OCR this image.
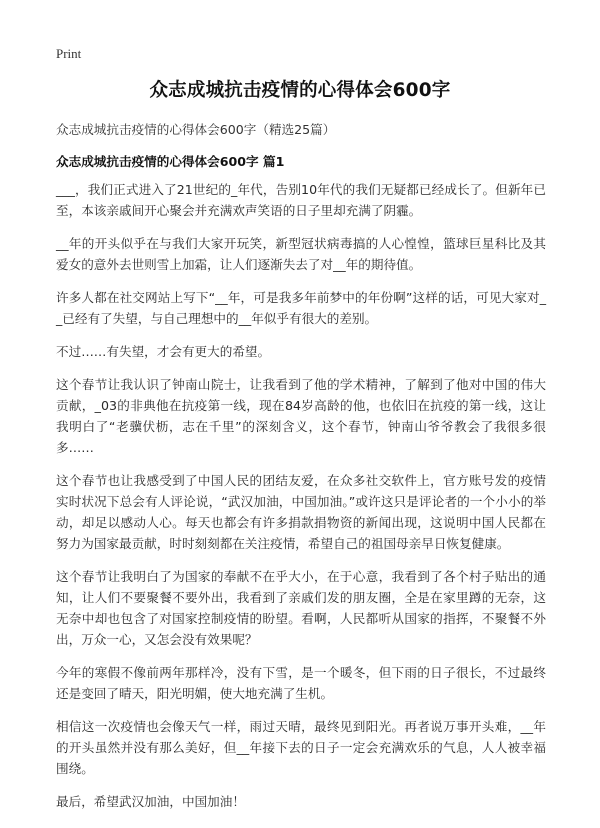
Print
众志成城抗击疫情的心得体会600字

众志成城抗击疫情的心得体会600字（精选25篇）

众志成城抗击疫情的心得体会600字 篇1

___，我们正式进入了21世纪的_年代，告别10年代的我们无疑都已经成长了。但新年已至，本该亲戚间开心聚会并充满欢声笑语的日子里却充满了阴霾。

__年的开头似乎在与我们大家开玩笑，新型冠状病毒搞的人心惶惶，篮球巨星科比及其爱女的意外去世则雪上加霜，让人们逐渐失去了对__年的期待值。

许多人都在社交网站上写下“__年，可是我多年前梦中的年份啊”这样的话，可见大家对__已经有了失望，与自己理想中的__年似乎有很大的差别。

不过……有失望，才会有更大的希望。

这个春节让我认识了钟南山院士，让我看到了他的学术精神，了解到了他对中国的伟大贡献，_03的非典他在抗疫第一线，现在84岁高龄的他，也依旧在抗疫的第一线，这让我明白了“老骥伏枥，志在千里”的深刻含义，这个春节，钟南山爷爷教会了我很多很多……

这个春节也让我感受到了中国人民的团结友爱，在众多社交软件上，官方账号发的疫情实时状况下总会有人评论说，“武汉加油，中国加油。”或许这只是评论者的一个小小的举动，却足以感动人心。每天也都会有许多捐款捐物资的新闻出现，这说明中国人民都在努力为国家最贡献，时时刻刻都在关注疫情，希望自己的祖国母亲早日恢复健康。

这个春节让我明白了为国家的奉献不在乎大小，在于心意，我看到了各个村子贴出的通知，让人们不要聚餐不要外出，我看到了亲戚们发的朋友圈，全是在家里蹲的无奈，这无奈中却也包含了对国家控制疫情的盼望。看啊，人民都听从国家的指挥，不聚餐不外出，万众一心，又怎会没有效果呢？

今年的寒假不像前两年那样冷，没有下雪，是一个暖冬，但下雨的日子很长，不过最终还是变回了晴天，阳光明媚，使大地充满了生机。

相信这一次疫情也会像天气一样，雨过天晴，最终见到阳光。再者说万事开头难，__年的开头虽然并没有那么美好，但__年接下去的日子一定会充满欢乐的气息，人人被幸福围绕。

最后，希望武汉加油，中国加油！
